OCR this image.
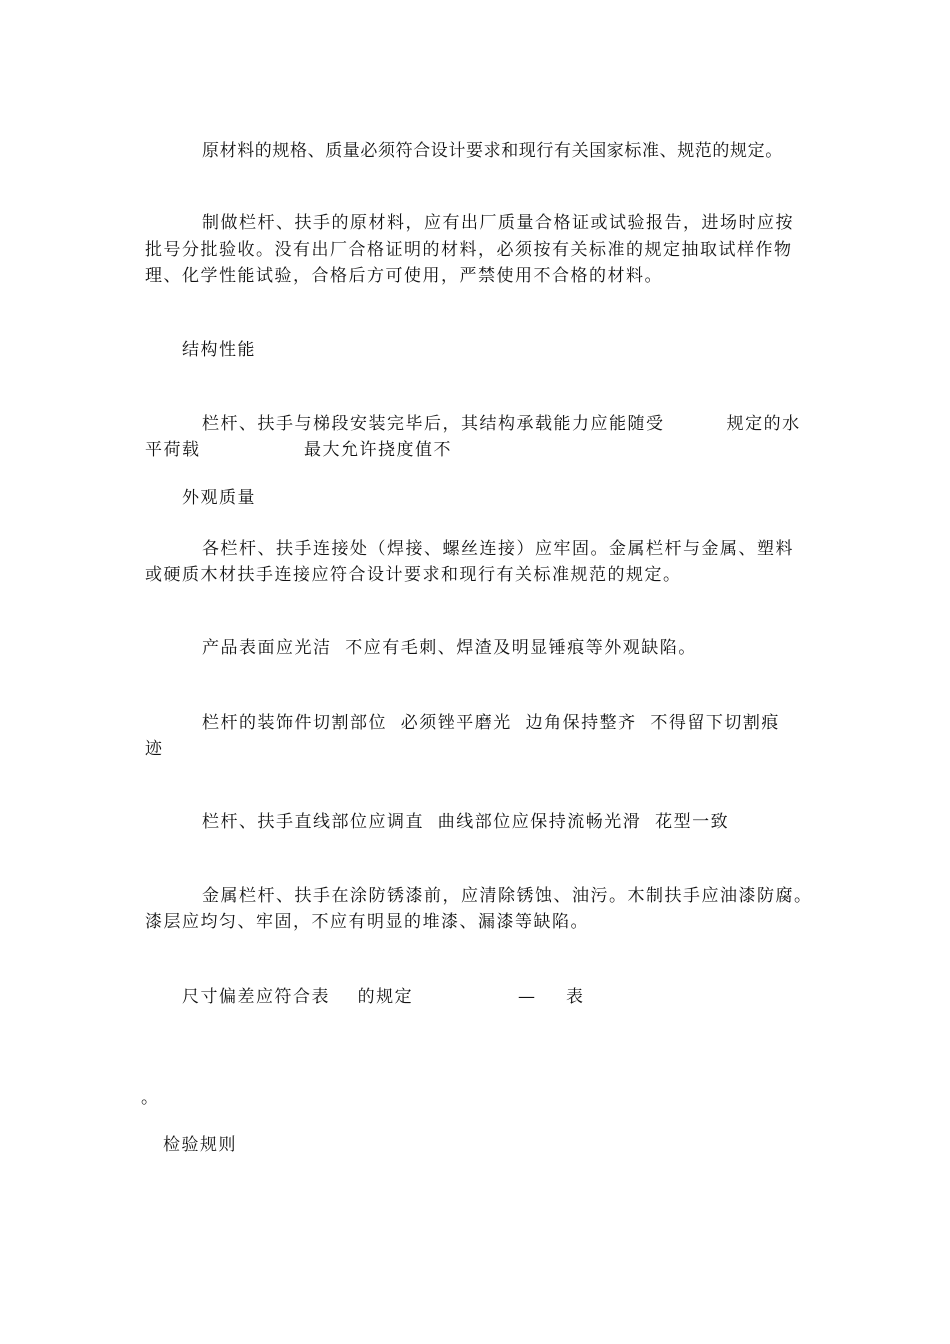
原材料的规格、质量必须符合设计要求和现行有关国家标准、规范的规定。
制做栏杆、扶手的原材料，应有出厂质量合格证或试验报告，进场时应按
批号分批验收。没有出厂合格证明的材料，必须按有关标准的规定抽取试样作物
理、化学性能试验，合格后方可使用，严禁使用不合格的材料。
结构性能
栏杆、扶手与梯段安装完毕后，其结构承载能力应能随受         规定的水
平荷载               最大允许挠度值不
外观质量
各栏杆、扶手连接处（焊接、螺丝连接）应牢固。金属栏杆与金属、塑料
或硬质木材扶手连接应符合设计要求和现行有关标准规范的规定。
产品表面应光洁  不应有毛刺、焊渣及明显锤痕等外观缺陷。
栏杆的装饰件切割部位  必须锉平磨光  边角保持整齐  不得留下切割痕
迹
栏杆、扶手直线部位应调直  曲线部位应保持流畅光滑  花型一致
金属栏杆、扶手在涂防锈漆前，应清除锈蚀、油污。木制扶手应油漆防腐。
漆层应均匀、牢固，不应有明显的堆漆、漏漆等缺陷。
尺寸偏差应符合表    的规定	— 表
。
检验规则
